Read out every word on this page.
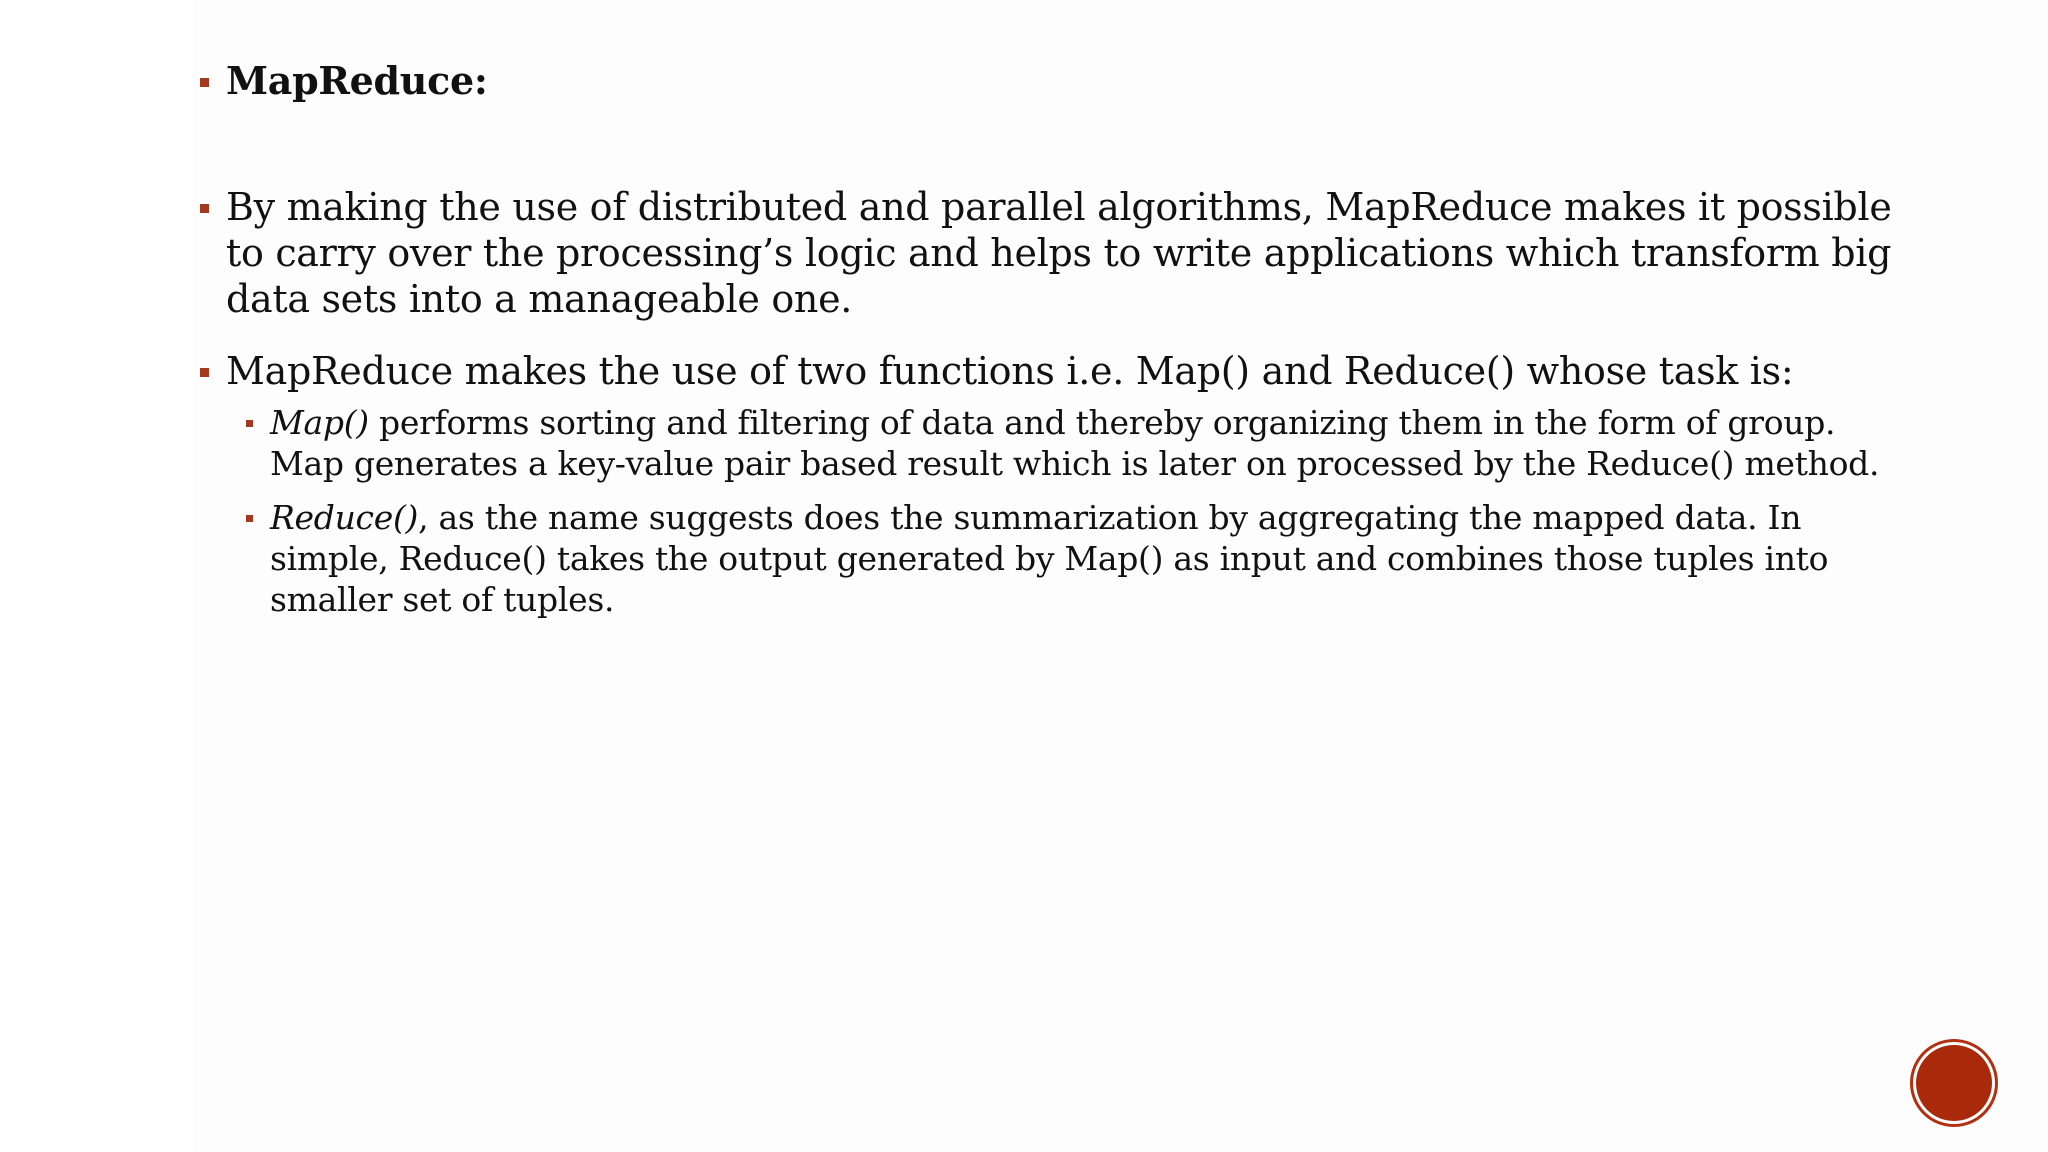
MapReduce:
By making the use of distributed and parallel algorithms, MapReduce makes it possible to carry over the processing’s logic and helps to write applications which transform big data sets into a manageable one.
MapReduce makes the use of two functions i.e. Map() and Reduce() whose task is:
Map() performs sorting and filtering of data and thereby organizing them in the form of group. Map generates a key-value pair based result which is later on processed by the Reduce() method.
Reduce(), as the name suggests does the summarization by aggregating the mapped data. In simple, Reduce() takes the output generated by Map() as input and combines those tuples into smaller set of tuples.
